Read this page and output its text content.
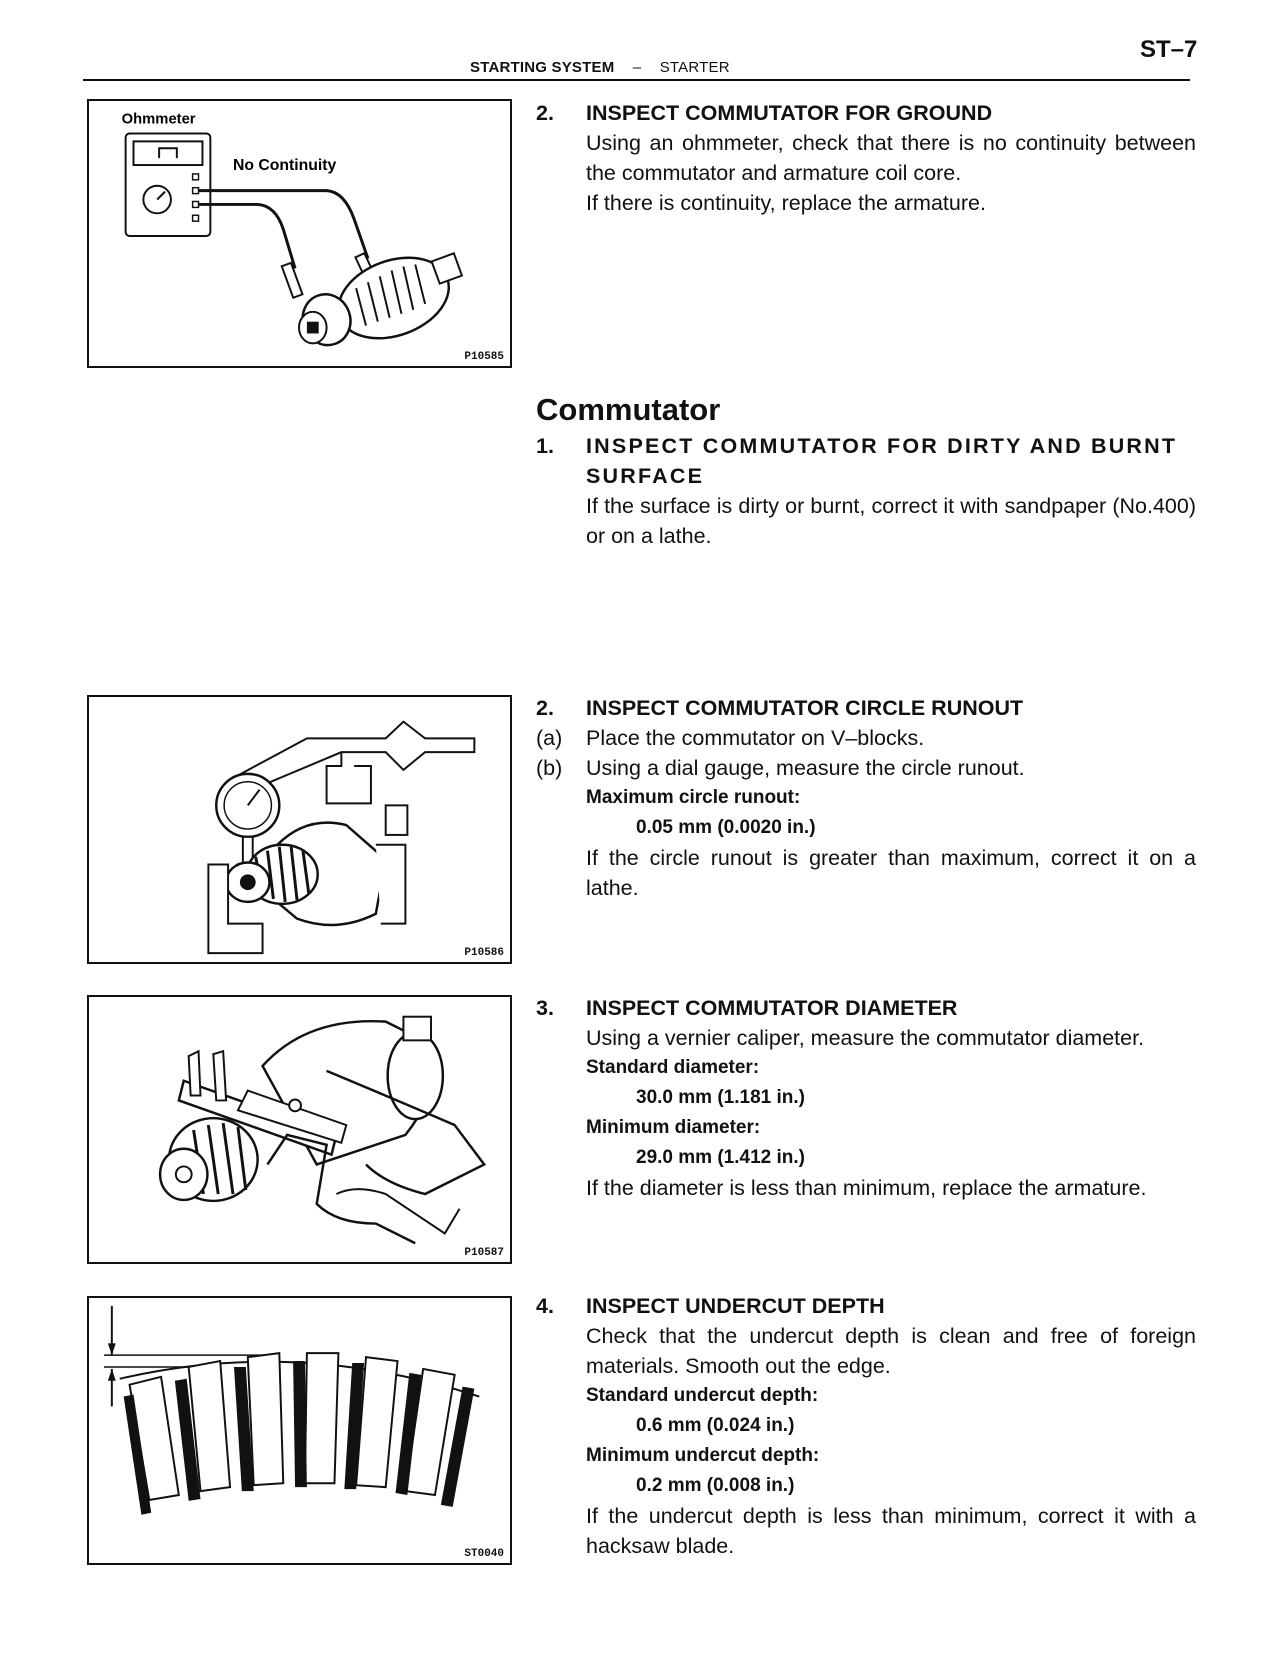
ST–7
STARTING SYSTEM – STARTER
Ohmmeter
No Continuity
P10585
2.	INSPECT COMMUTATOR FOR GROUND
Using an ohmmeter, check that there is no continuity between the commutator and armature coil core.
If there is continuity, replace the armature.
Commutator
1.	INSPECT COMMUTATOR FOR DIRTY AND BURNT SURFACE
If the surface is dirty or burnt, correct it with sandpaper (No.400) or on a lathe.
P10586
2.	INSPECT COMMUTATOR CIRCLE RUNOUT
(a)	Place the commutator on V–blocks.
(b)	Using a dial gauge, measure the circle runout.
Maximum circle runout:
0.05 mm (0.0020 in.)
If the circle runout is greater than maximum, correct it on a lathe.
P10587
3.	INSPECT COMMUTATOR DIAMETER
Using a vernier caliper, measure the commutator diameter.
Standard diameter:
30.0 mm (1.181 in.)
Minimum diameter:
29.0 mm (1.412 in.)
If the diameter is less than minimum, replace the armature.
ST0040
4.	INSPECT UNDERCUT DEPTH
Check that the undercut depth is clean and free of foreign materials. Smooth out the edge.
Standard undercut depth:
0.6 mm (0.024 in.)
Minimum undercut depth:
0.2 mm (0.008 in.)
If the undercut depth is less than minimum, correct it with a hacksaw blade.
